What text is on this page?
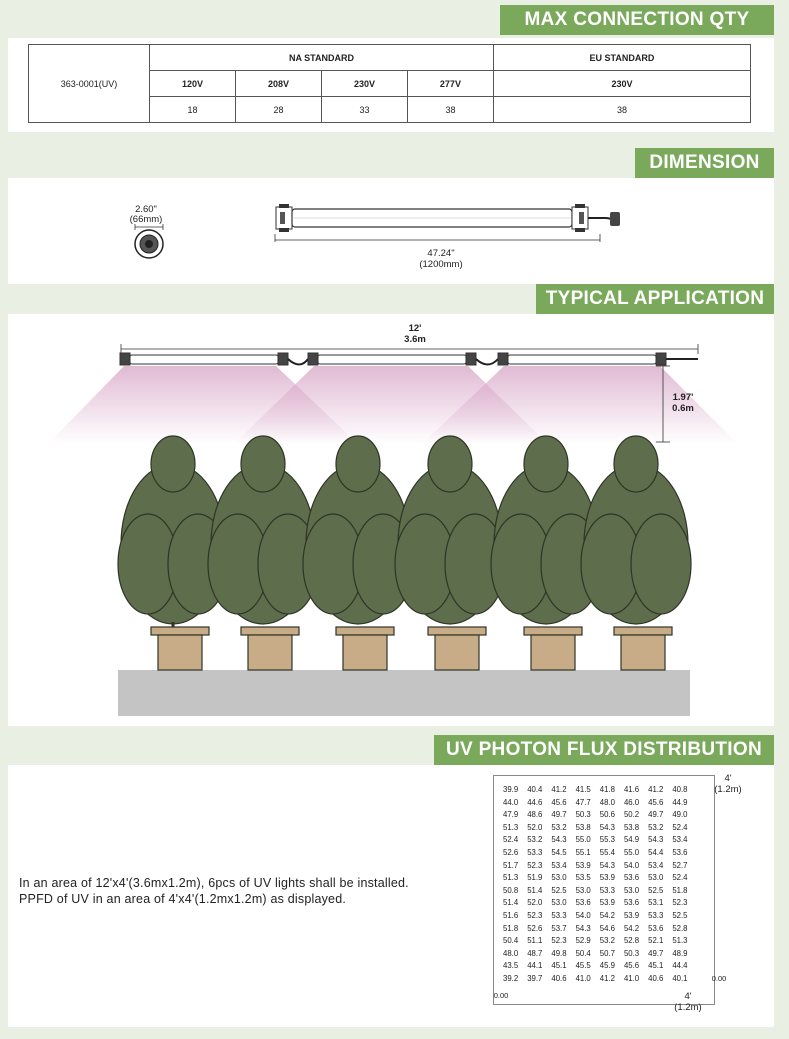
MAX CONNECTION QTY
363-0001(UV)	NA STANDARD				EU STANDARD
	120V	208V	230V	277V	230V
	18	28	33	38	38
DIMENSION
2.60"
(66mm)
47.24"
(1200mm)
TYPICAL APPLICATION
12'
3.6m
1.97'
0.6m
UV PHOTON FLUX DISTRIBUTION
In an area of 12'x4'(3.6mx1.2m), 6pcs of UV lights shall be installed.
PPFD of UV in an area of 4'x4'(1.2mx1.2m) as displayed.
39.9	40.4	41.2	41.5	41.8	41.6	41.2	40.8
44.0	44.6	45.6	47.7	48.0	46.0	45.6	44.9
47.9	48.6	49.7	50.3	50.6	50.2	49.7	49.0
51.3	52.0	53.2	53.8	54.3	53.8	53.2	52.4
52.4	53.2	54.3	55.0	55.3	54.9	54.3	53.4
52.6	53.3	54.5	55.1	55.4	55.0	54.4	53.6
51.7	52.3	53.4	53.9	54.3	54.0	53.4	52.7
51.3	51.9	53.0	53.5	53.9	53.6	53.0	52.4
50.8	51.4	52.5	53.0	53.3	53.0	52.5	51.8
51.4	52.0	53.0	53.6	53.9	53.6	53.1	52.3
51.6	52.3	53.3	54.0	54.2	53.9	53.3	52.5
51.8	52.6	53.7	54.3	54.6	54.2	53.6	52.8
50.4	51.1	52.3	52.9	53.2	52.8	52.1	51.3
48.0	48.7	49.8	50.4	50.7	50.3	49.7	48.9
43.5	44.1	45.1	45.5	45.9	45.6	45.1	44.4
39.2	39.7	40.6	41.0	41.2	41.0	40.6	40.1
4'
(1.2m)
0.00
0.00	4'
(1.2m)
